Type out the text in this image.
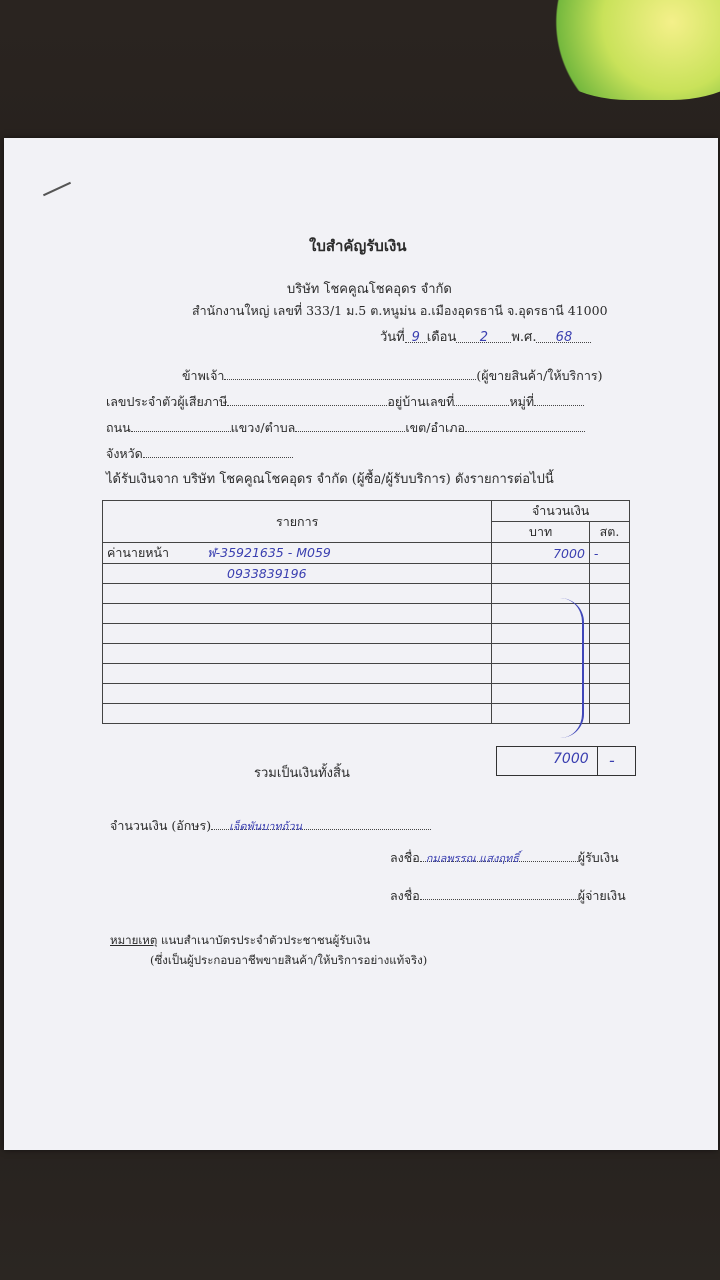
ใบสำคัญรับเงิน
บริษัท โชคคูณโชคอุดร จำกัด
สำนักงานใหญ่ เลขที่ 333/1 ม.5 ต.หนูม่น อ.เมืองอุดรธานี จ.อุดรธานี 41000
วันที่ 9 เดือน 2 พ.ศ. 68
ข้าพเจ้า	(ผู้ขายสินค้า/ให้บริการ)
เลขประจำตัวผู้เสียภาษี	อยู่บ้านเลขที่	หมู่ที่
ถนน	แขวง/ตำบล	เขต/อำเภอ
จังหวัด
ได้รับเงินจาก บริษัท โชคคูณโชคอุดร จำกัด (ผู้ซื้อ/ผู้รับบริการ) ดังรายการต่อไปนี้
รายการ	จำนวนเงิน	
	บาท	สต.
ค่านายหน้า ฬ-35921635 - M059	7000	-
0933839196		

รวมเป็นเงินทั้งสิ้น
7000 -
จำนวนเงิน (อักษร) เจ็ดพันบาทถ้วน
ลงชื่อ กมลพรรณ แสงฤทธิ์	ผู้รับเงิน
ลงชื่อ	ผู้จ่ายเงิน
หมายเหตุ แนบสำเนาบัตรประจำตัวประชาชนผู้รับเงิน
(ซึ่งเป็นผู้ประกอบอาชีพขายสินค้า/ให้บริการอย่างแท้จริง)
